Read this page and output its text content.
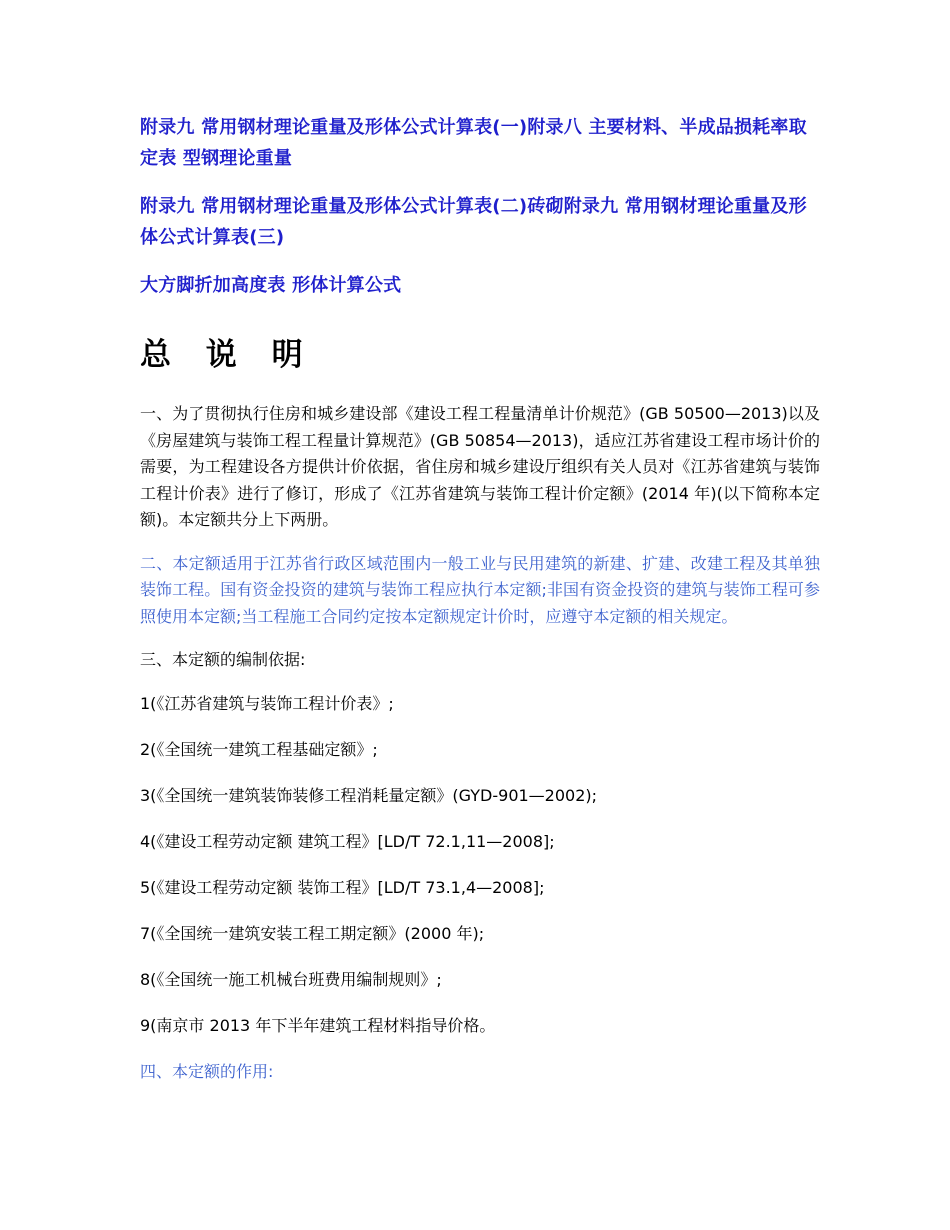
附录九 常用钢材理论重量及形体公式计算表(一)附录八 主要材料、半成品损耗率取定表 型钢理论重量
附录九 常用钢材理论重量及形体公式计算表(二)砖砌附录九 常用钢材理论重量及形体公式计算表(三)
大方脚折加高度表 形体计算公式
总 说 明

一、为了贯彻执行住房和城乡建设部《建设工程工程量清单计价规范》(GB 50500—2013)以及《房屋建筑与装饰工程工程量计算规范》(GB 50854—2013)，适应江苏省建设工程市场计价的需要，为工程建设各方提供计价依据，省住房和城乡建设厅组织有关人员对《江苏省建筑与装饰工程计价表》进行了修订，形成了《江苏省建筑与装饰工程计价定额》(2014 年)(以下简称本定额)。本定额共分上下两册。

二、本定额适用于江苏省行政区域范围内一般工业与民用建筑的新建、扩建、改建工程及其单独装饰工程。国有资金投资的建筑与装饰工程应执行本定额;非国有资金投资的建筑与装饰工程可参照使用本定额;当工程施工合同约定按本定额规定计价时，应遵守本定额的相关规定。

三、本定额的编制依据:

1(《江苏省建筑与装饰工程计价表》;
2(《全国统一建筑工程基础定额》;
3(《全国统一建筑装饰装修工程消耗量定额》(GYD-901—2002);
4(《建设工程劳动定额 建筑工程》[LD/T 72.1,11—2008];
5(《建设工程劳动定额 装饰工程》[LD/T 73.1,4—2008];
7(《全国统一建筑安装工程工期定额》(2000 年);
8(《全国统一施工机械台班费用编制规则》;
9(南京市 2013 年下半年建筑工程材料指导价格。
四、本定额的作用:
